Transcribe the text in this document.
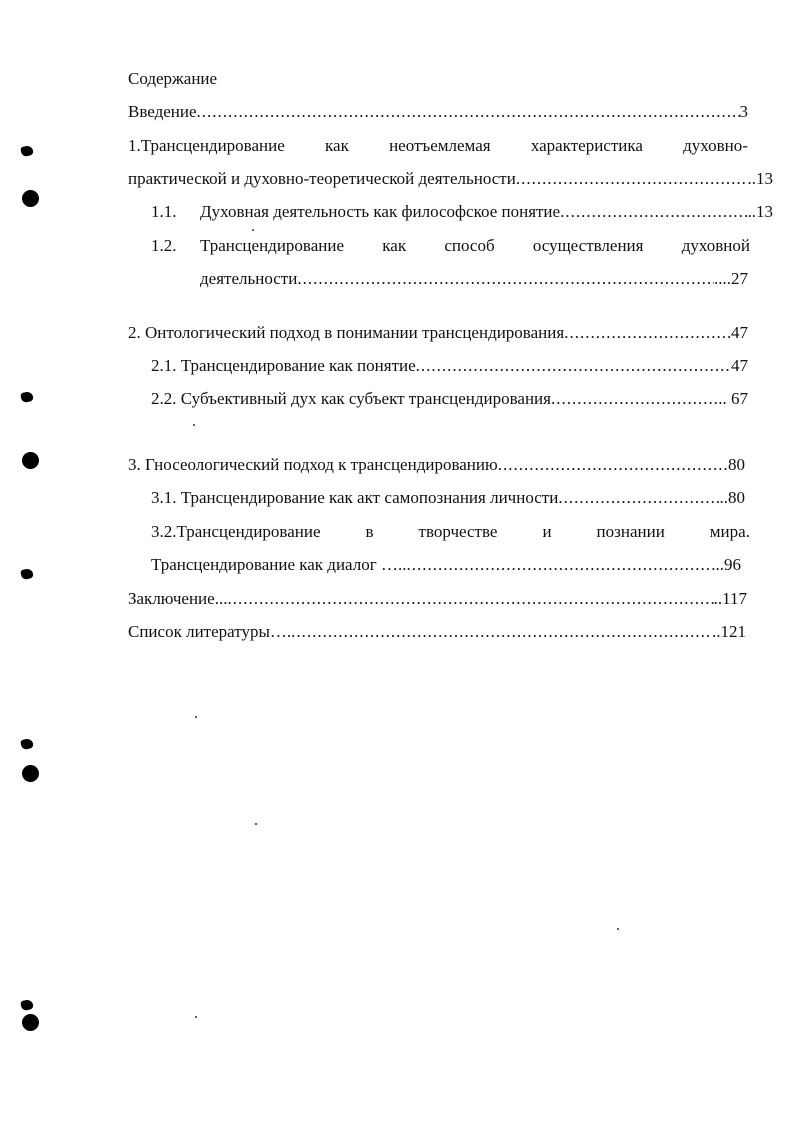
Содержание
Введение .....	3
1.Трансцендирование как неотъемлемая характеристика духовно-
практической и духовно-теоретической деятельности .....	..13
1.1. Духовная деятельность как философское понятие .....	..13
1.2. Трансцендирование как способ осуществления духовной
деятельности .....	....27
2. Онтологический подход в понимании трансцендирования .....	47
2.1. Трансцендирование как понятие .....	47
2.2. Субъективный дух как субъект трансцендирования .....	.. 67
3. Гносеологический подход к трансцендированию .....	80
3.1. Трансцендирование как акт самопознания личности .....	..80
3.2.Трансцендирование	в	творчестве	и	познании	мира.
Трансцендирование как диалог ….. .....	...96
Заключение... .....	..117
Список литературы…. .....	..121
